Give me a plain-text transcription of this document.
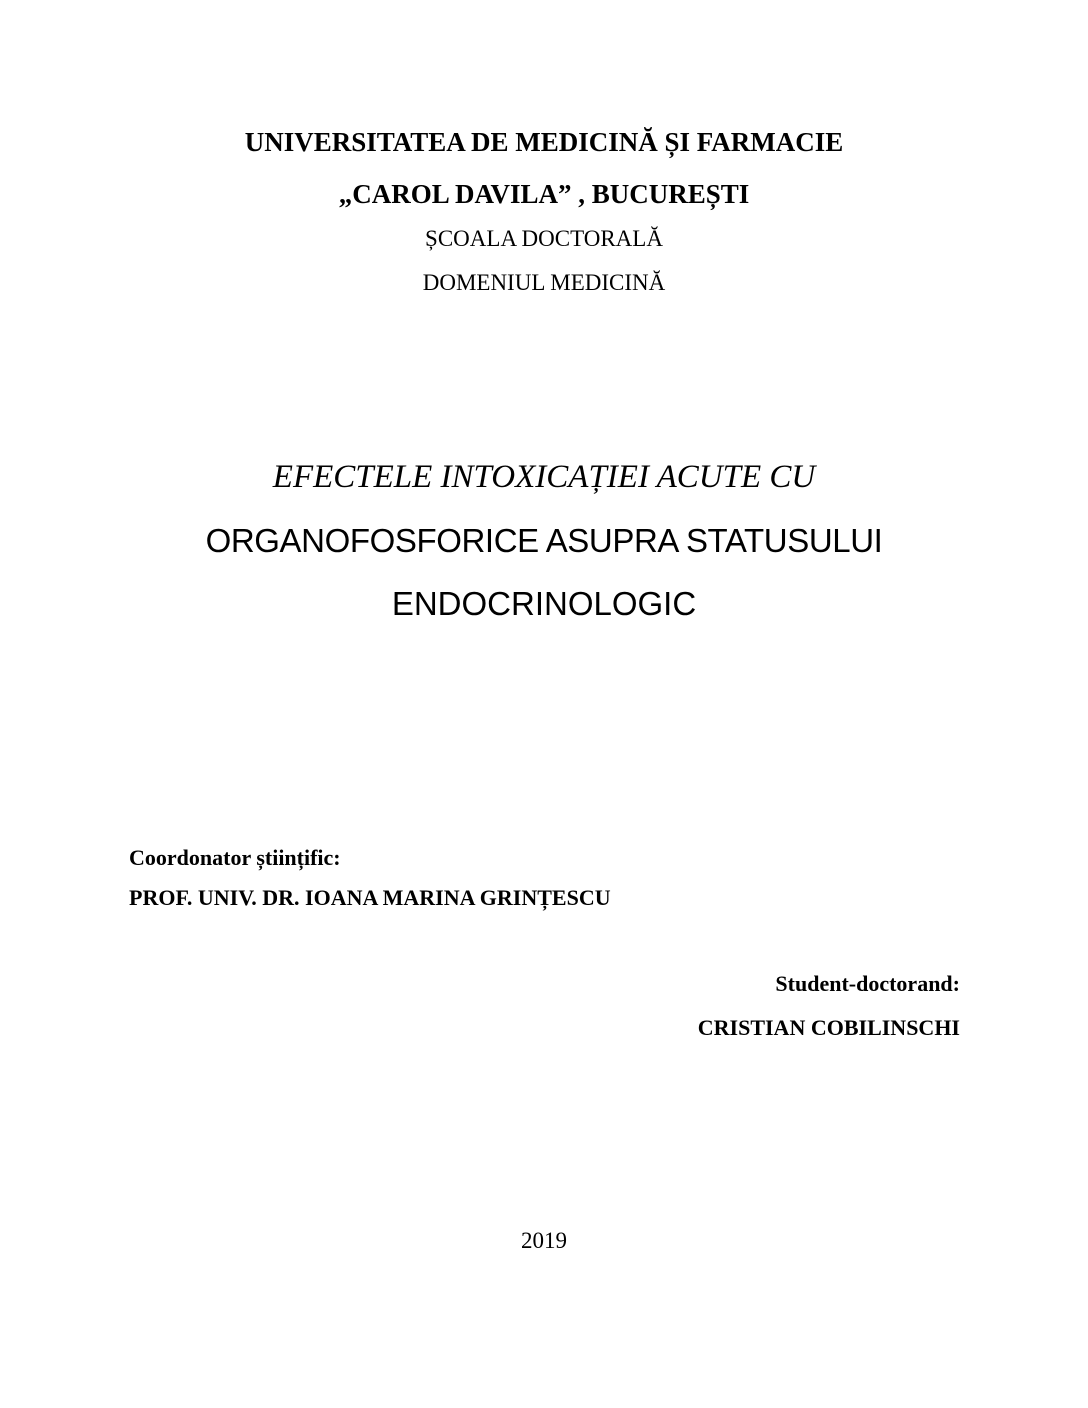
UNIVERSITATEA DE MEDICINĂ ȘI FARMACIE
„CAROL DAVILA” , BUCUREȘTI
ȘCOALA DOCTORALĂ
DOMENIUL MEDICINĂ
EFECTELE INTOXICAȚIEI ACUTE CU
ORGANOFOSFORICE ASUPRA STATUSULUI
ENDOCRINOLOGIC
Coordonator științific:
PROF. UNIV. DR. IOANA MARINA GRINȚESCU
Student-doctorand:
CRISTIAN COBILINSCHI
2019
